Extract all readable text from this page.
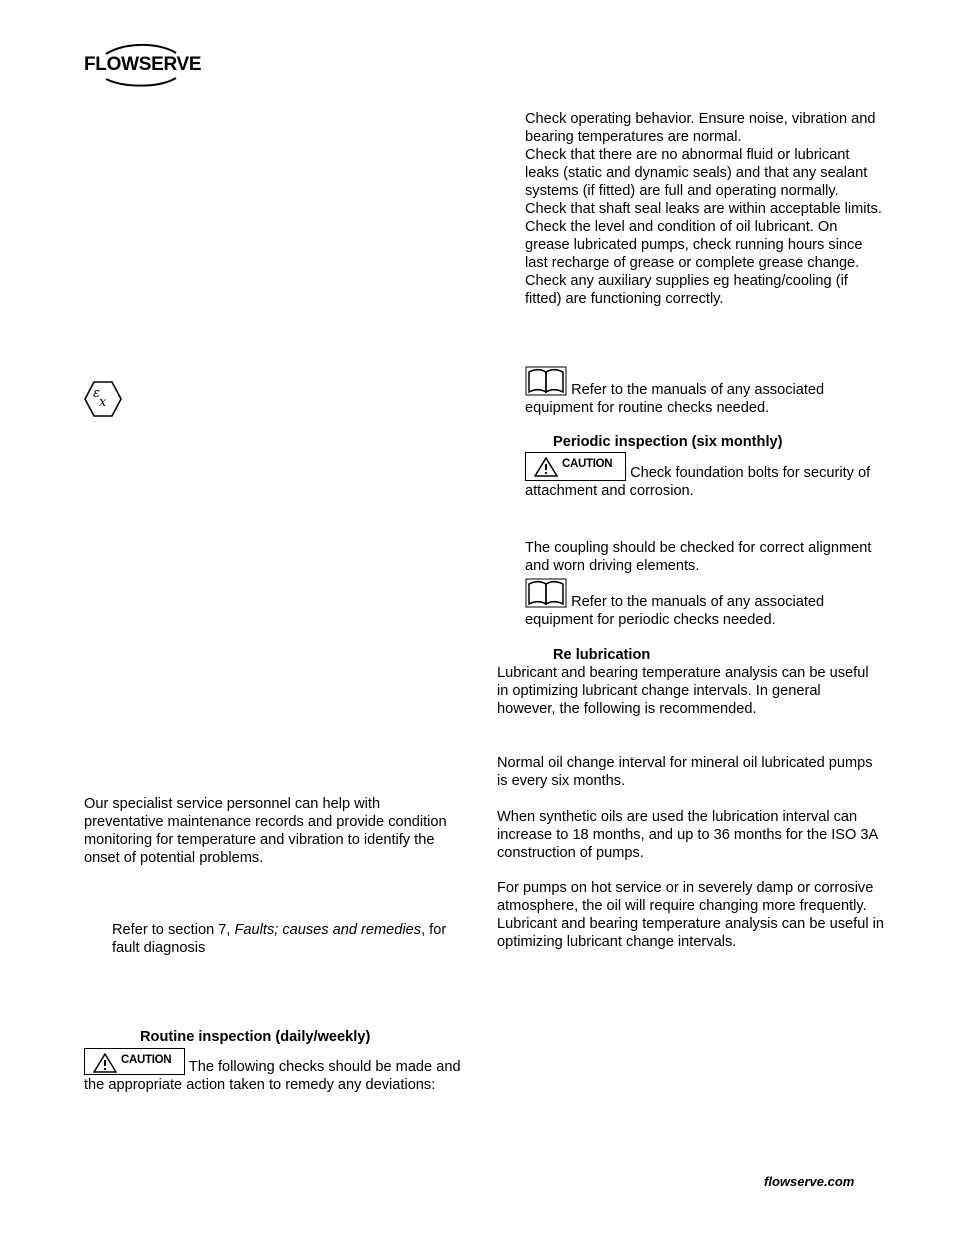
FLOWSERVE
ε
x

Our specialist service personnel can help with preventative maintenance records and provide condition monitoring for temperature and vibration to identify the onset of potential problems.

Refer to section 7, Faults; causes and remedies, for fault diagnosis

Routine inspection (daily/weekly)

CAUTION The following checks should be made and the appropriate action taken to remedy any deviations:

Check operating behavior. Ensure noise, vibration and bearing temperatures are normal.

Check that there are no abnormal fluid or lubricant leaks (static and dynamic seals) and that any sealant systems (if fitted) are full and operating normally.

Check that shaft seal leaks are within acceptable limits.

Check the level and condition of oil lubricant. On grease lubricated pumps, check running hours since last recharge of grease or complete grease change.

Check any auxiliary supplies eg heating/cooling (if fitted) are functioning correctly.

Refer to the manuals of any associated equipment for routine checks needed.

Periodic inspection (six monthly)

CAUTION
Check foundation bolts for security of attachment and corrosion.

The coupling should be checked for correct alignment and worn driving elements.

Refer to the manuals of any associated equipment for periodic checks needed.

Re lubrication

Lubricant and bearing temperature analysis can be useful in optimizing lubricant change intervals. In general however, the following is recommended.

Normal oil change interval for mineral oil lubricated pumps is every six months.

When synthetic oils are used the lubrication interval can increase to 18 months, and up to 36 months for the ISO 3A construction of pumps.

For pumps on hot service or in severely damp or corrosive atmosphere, the oil will require changing more frequently. Lubricant and bearing temperature analysis can be useful in optimizing lubricant change intervals.

flowserve.com
